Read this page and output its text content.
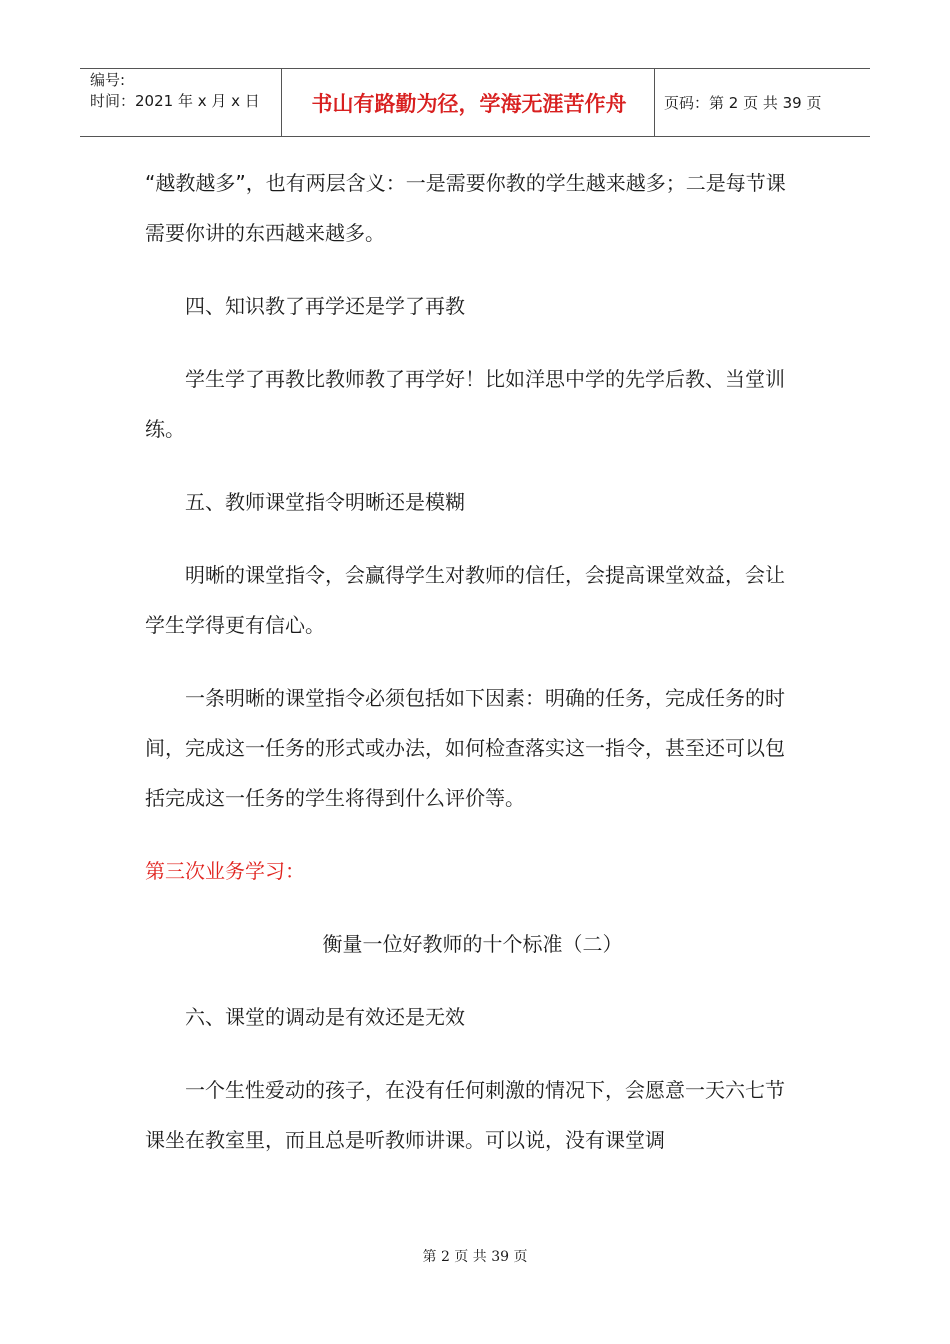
编号:
时间：2021 年 x 月 x 日	书山有路勤为径，学海无涯苦作舟	页码：第 2 页 共 39 页

“越教越多”，也有两层含义：一是需要你教的学生越来越多；二是每节课需要你讲的东西越来越多。

四、知识教了再学还是学了再教

学生学了再教比教师教了再学好！比如洋思中学的先学后教、当堂训练。

五、教师课堂指令明晰还是模糊

明晰的课堂指令，会赢得学生对教师的信任，会提高课堂效益，会让学生学得更有信心。

一条明晰的课堂指令必须包括如下因素：明确的任务，完成任务的时间，完成这一任务的形式或办法，如何检查落实这一指令，甚至还可以包括完成这一任务的学生将得到什么评价等。

第三次业务学习：

衡量一位好教师的十个标准（二）

六、课堂的调动是有效还是无效

一个生性爱动的孩子，在没有任何刺激的情况下，会愿意一天六七节课坐在教室里，而且总是听教师讲课。可以说，没有课堂调

第 2 页 共 39 页
